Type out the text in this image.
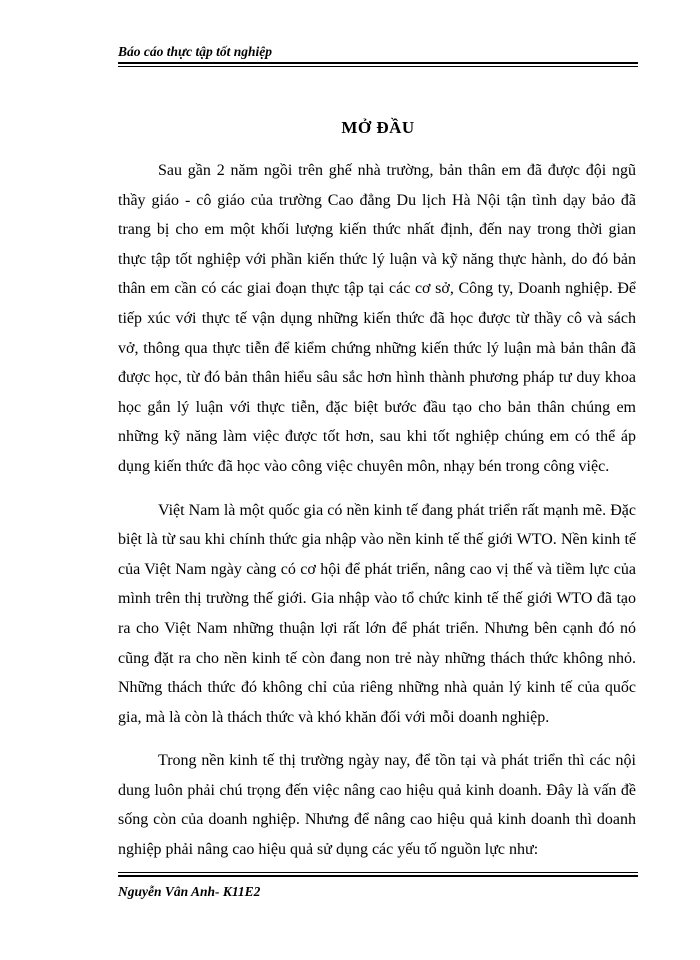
Báo cáo thực tập tốt nghiệp
MỞ ĐẦU

Sau gần 2 năm ngồi trên ghế nhà trường, bản thân em đã được đội ngũ thầy giáo - cô giáo của trường Cao đẳng Du lịch Hà Nội tận tình dạy bảo đã trang bị cho em một khối lượng kiến thức nhất định, đến nay trong thời gian thực tập tốt nghiệp với phần kiến thức lý luận và kỹ năng thực hành, do đó bản thân em cần có các giai đoạn thực tập tại các cơ sở, Công ty, Doanh nghiệp. Để tiếp xúc với thực tế vận dụng những kiến thức đã học được từ thầy cô và sách vở, thông qua thực tiễn để kiểm chứng những kiến thức lý luận mà bản thân đã được học, từ đó bản thân hiểu sâu sắc hơn hình thành phương pháp tư duy khoa học gắn lý luận với thực tiễn, đặc biệt bước đầu tạo cho bản thân chúng em những kỹ năng làm việc được tốt hơn, sau khi tốt nghiệp chúng em có thể áp dụng kiến thức đã học vào công việc chuyên môn, nhạy bén trong công việc.

Việt Nam là một quốc gia có nền kinh tế đang phát triển rất mạnh mẽ. Đặc biệt là từ sau khi chính thức gia nhập vào nền kinh tế thế giới WTO. Nền kinh tế của Việt Nam ngày càng có cơ hội để phát triển, nâng cao vị thế và tiềm lực của mình trên thị trường thế giới. Gia nhập vào tổ chức kinh tế thế giới WTO đã tạo ra cho Việt Nam những thuận lợi rất lớn để phát triển. Nhưng bên cạnh đó nó cũng đặt ra cho nền kinh tế còn đang non trẻ này những thách thức không nhỏ. Những thách thức đó không chỉ của riêng những nhà quản lý kinh tế của quốc gia, mà là còn là thách thức và khó khăn đối với mỗi doanh nghiệp.

Trong nền kinh tế thị trường ngày nay, để tồn tại và phát triển thì các nội dung luôn phải chú trọng đến việc nâng cao hiệu quả kinh doanh. Đây là vấn đề sống còn của doanh nghiệp. Nhưng để nâng cao hiệu quả kinh doanh thì doanh nghiệp phải nâng cao hiệu quả sử dụng các yếu tố nguồn lực như:

Nguyễn Vân Anh- K11E2
